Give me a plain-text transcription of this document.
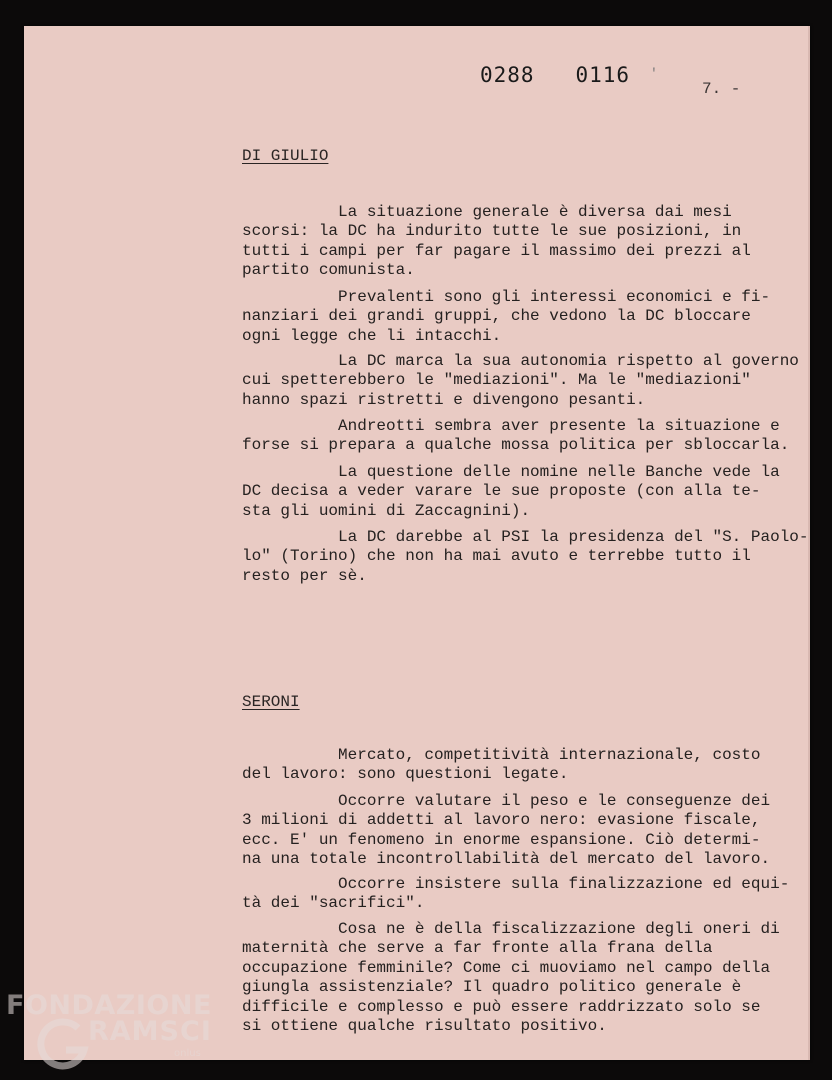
0288   0116 '
7. -
DI GIULIO

La situazione generale è diversa dai mesi
scorsi: la DC ha indurito tutte le sue posizioni, in
tutti i campi per far pagare il massimo dei prezzi al
partito comunista.

Prevalenti sono gli interessi economici e fi-
nanziari dei grandi gruppi, che vedono la DC bloccare
ogni legge che li intacchi.

La DC marca la sua autonomia rispetto al governo
cui spetterebbero le "mediazioni". Ma le "mediazioni"
hanno spazi ristretti e divengono pesanti.

Andreotti sembra aver presente la situazione e
forse si prepara a qualche mossa politica per sbloccarla.

La questione delle nomine nelle Banche vede la
DC decisa a veder varare le sue proposte (con alla te-
sta gli uomini di Zaccagnini).

La DC darebbe al PSI la presidenza del "S. Paolo-
lo" (Torino) che non ha mai avuto e terrebbe tutto il
resto per sè.

SERONI

Mercato, competitività internazionale, costo
del lavoro: sono questioni legate.

Occorre valutare il peso e le conseguenze dei
3 milioni di addetti al lavoro nero: evasione fiscale,
ecc. E' un fenomeno in enorme espansione. Ciò determi-
na una totale incontrollabilità del mercato del lavoro.

Occorre insistere sulla finalizzazione ed equi-
tà dei "sacrifici".

Cosa ne è della fiscalizzazione degli oneri di
maternità che serve a far fronte alla frana della
occupazione femminile? Come ci muoviamo nel campo della
giungla assistenziale? Il quadro politico generale è
difficile e complesso e può essere raddrizzato solo se
si ottiene qualche risultato positivo.

FONDAZIONE
RAMSCI
onlus
